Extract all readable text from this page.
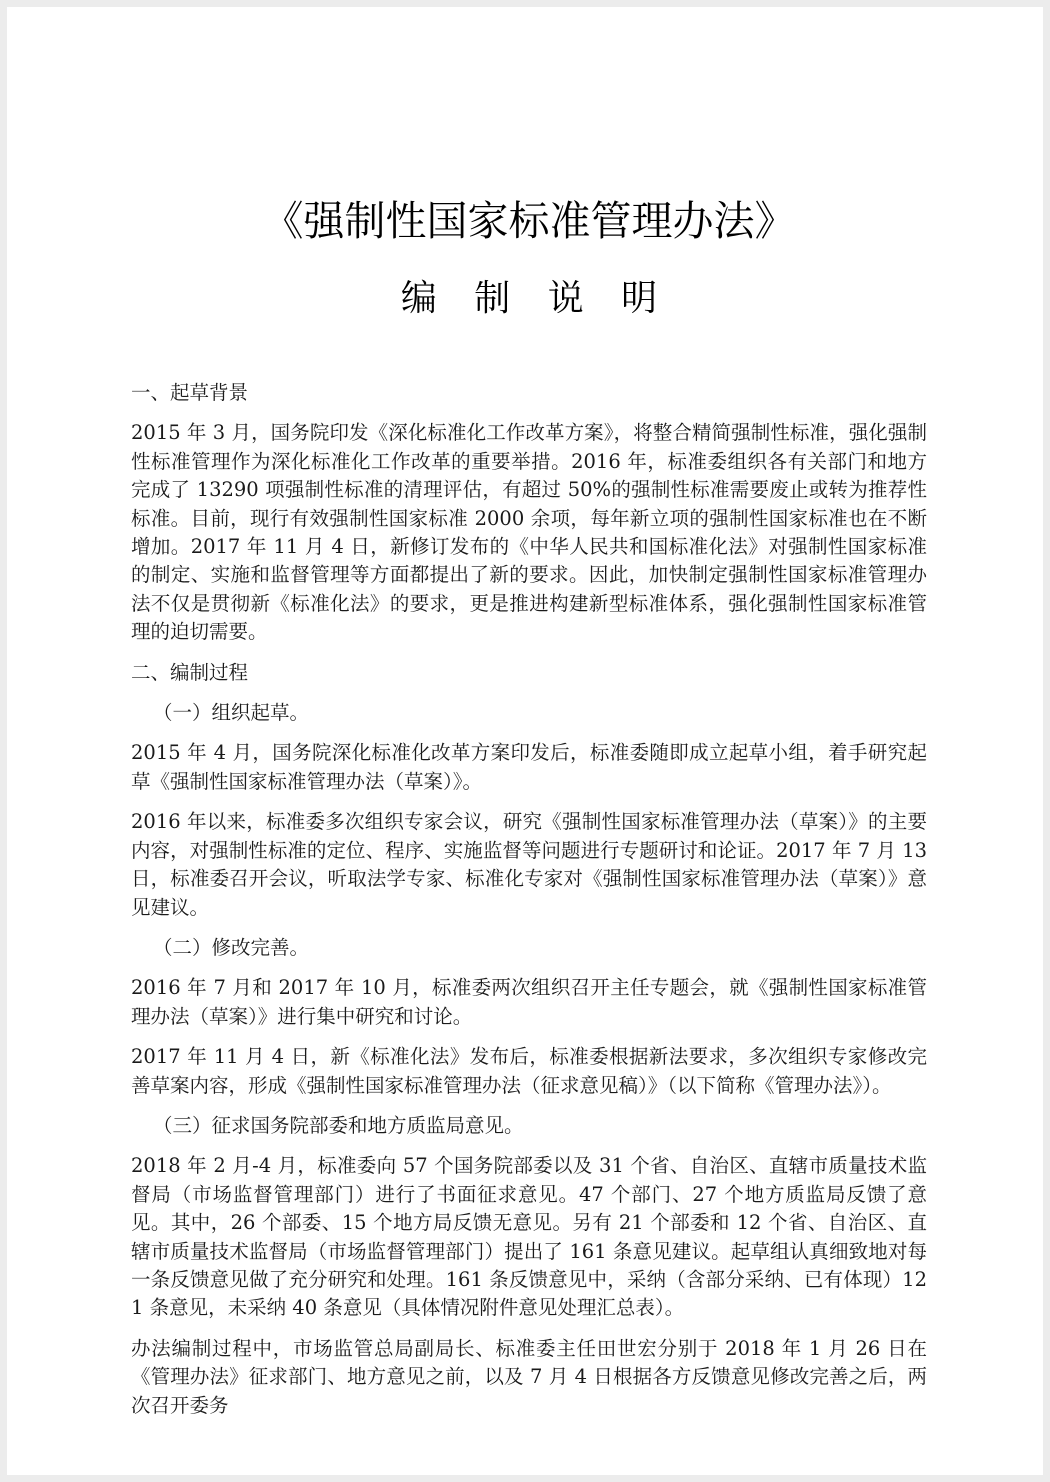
《强制性国家标准管理办法》
编 制 说 明

一、起草背景

2015 年 3 月，国务院印发《深化标准化工作改革方案》，将整合精简强制性标准，强化强制性标准管理作为深化标准化工作改革的重要举措。2016 年，标准委组织各有关部门和地方完成了 13290 项强制性标准的清理评估，有超过 50%的强制性标准需要废止或转为推荐性标准。目前，现行有效强制性国家标准 2000 余项，每年新立项的强制性国家标准也在不断增加。2017 年 11 月 4 日，新修订发布的《中华人民共和国标准化法》对强制性国家标准的制定、实施和监督管理等方面都提出了新的要求。因此，加快制定强制性国家标准管理办法不仅是贯彻新《标准化法》的要求，更是推进构建新型标准体系，强化强制性国家标准管理的迫切需要。

二、编制过程

（一）组织起草。

2015 年 4 月，国务院深化标准化改革方案印发后，标准委随即成立起草小组，着手研究起草《强制性国家标准管理办法（草案）》。

2016 年以来，标准委多次组织专家会议，研究《强制性国家标准管理办法（草案）》的主要内容，对强制性标准的定位、程序、实施监督等问题进行专题研讨和论证。2017 年 7 月 13 日，标准委召开会议，听取法学专家、标准化专家对《强制性国家标准管理办法（草案）》意见建议。

（二）修改完善。

2016 年 7 月和 2017 年 10 月，标准委两次组织召开主任专题会，就《强制性国家标准管理办法（草案）》进行集中研究和讨论。

2017 年 11 月 4 日，新《标准化法》发布后，标准委根据新法要求，多次组织专家修改完善草案内容，形成《强制性国家标准管理办法（征求意见稿）》（以下简称《管理办法》）。

（三）征求国务院部委和地方质监局意见。

2018 年 2 月-4 月，标准委向 57 个国务院部委以及 31 个省、自治区、直辖市质量技术监督局（市场监督管理部门）进行了书面征求意见。47 个部门、27 个地方质监局反馈了意见。其中，26 个部委、15 个地方局反馈无意见。另有 21 个部委和 12 个省、自治区、直辖市质量技术监督局（市场监督管理部门）提出了 161 条意见建议。起草组认真细致地对每一条反馈意见做了充分研究和处理。161 条反馈意见中，采纳（含部分采纳、已有体现）121 条意见，未采纳 40 条意见（具体情况附件意见处理汇总表）。

办法编制过程中，市场监管总局副局长、标准委主任田世宏分别于 2018 年 1 月 26 日在《管理办法》征求部门、地方意见之前，以及 7 月 4 日根据各方反馈意见修改完善之后，两次召开委务
